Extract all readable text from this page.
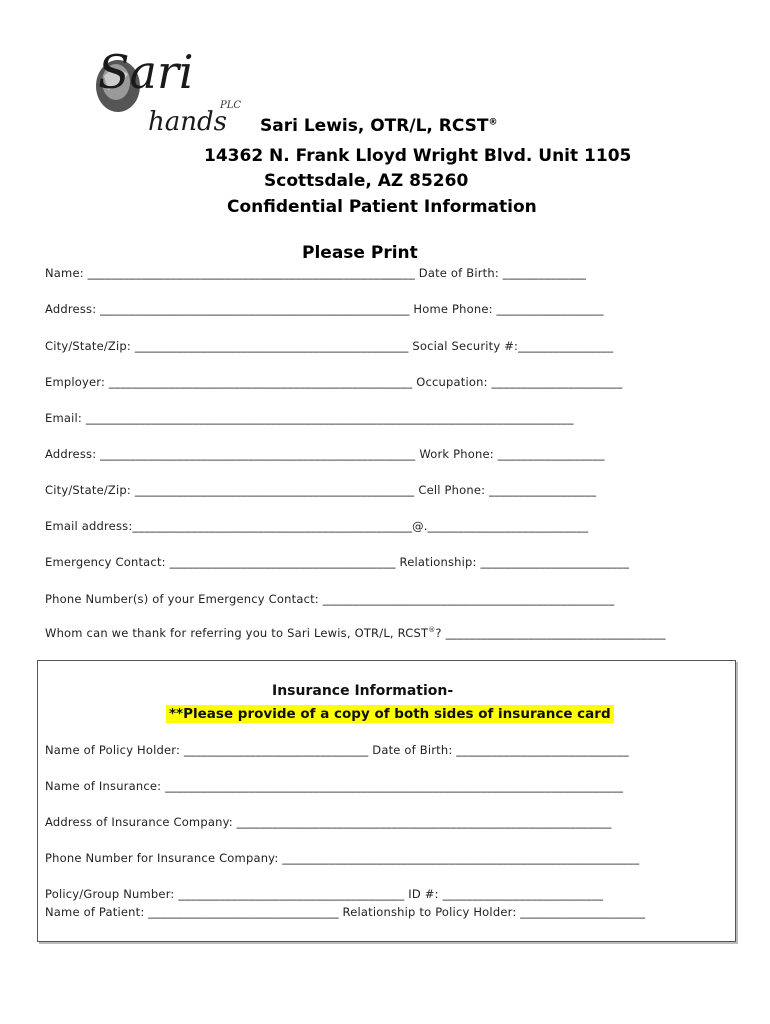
Sari
hands
PLC
Sari Lewis, OTR/L, RCST®
14362 N. Frank Lloyd Wright Blvd. Unit 1105
Scottsdale, AZ 85260
Confidential Patient Information
Please Print
Name: _______________________________________________________ Date of Birth: ______________
Address: ____________________________________________________ Home Phone: __________________
City/State/Zip: ______________________________________________ Social Security #:________________
Employer: ___________________________________________________ Occupation: ______________________
Email: __________________________________________________________________________________
Address: _____________________________________________________ Work Phone: __________________
City/State/Zip: _______________________________________________ Cell Phone: __________________
Email address:_______________________________________________@.___________________________
Emergency Contact: ______________________________________ Relationship: _________________________
Phone Number(s) of your Emergency Contact: _________________________________________________
Whom can we thank for referring you to Sari Lewis, OTR/L, RCST®? _____________________________________
Insurance Information-
**Please provide of a copy of both sides of insurance card
Name of Policy Holder: _______________________________ Date of Birth: _____________________________
Name of Insurance: _____________________________________________________________________________
Address of Insurance Company: _______________________________________________________________
Phone Number for Insurance Company: ____________________________________________________________
Policy/Group Number: ______________________________________ ID #: ___________________________
Name of Patient: ________________________________ Relationship to Policy Holder: _____________________
